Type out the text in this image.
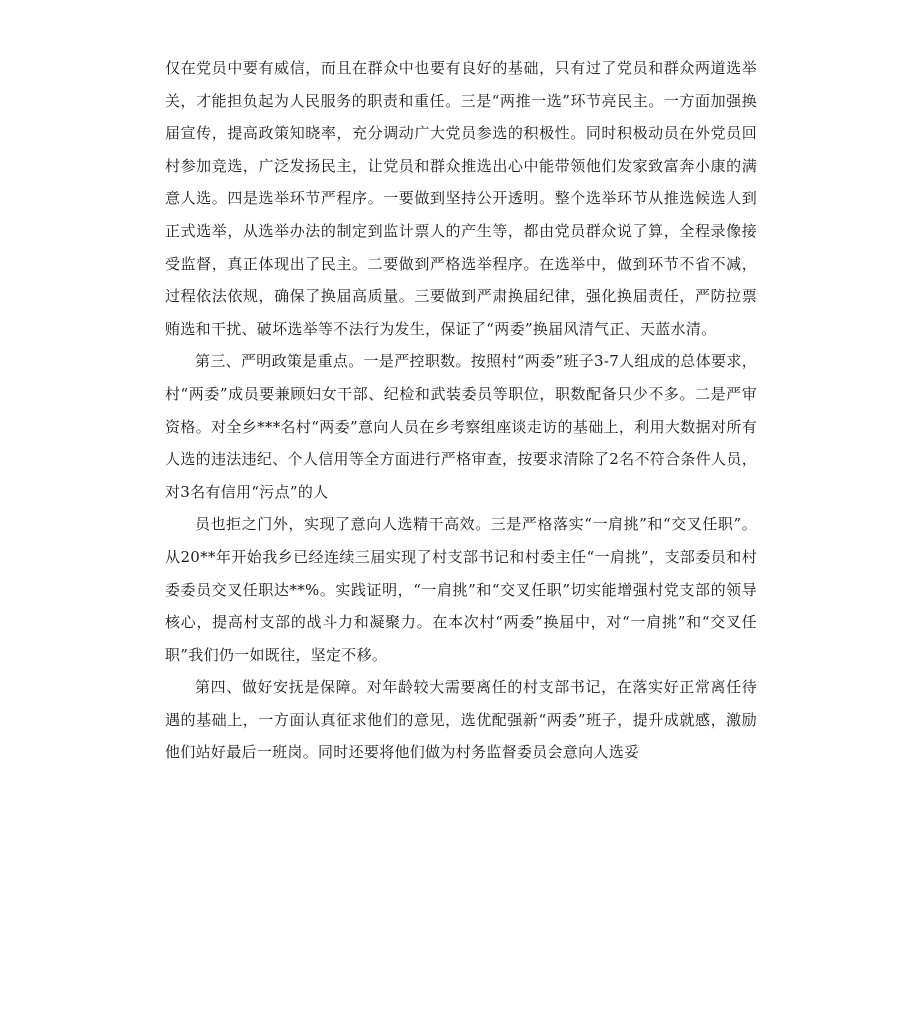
仅在党员中要有威信，而且在群众中也要有良好的基础，只有过了党员和群众两道选举关，才能担负起为人民服务的职责和重任。三是“两推一选”环节亮民主。一方面加强换届宣传，提高政策知晓率，充分调动广大党员参选的积极性。同时积极动员在外党员回村参加竞选，广泛发扬民主，让党员和群众推选出心中能带领他们发家致富奔小康的满意人选。四是选举环节严程序。一要做到坚持公开透明。整个选举环节从推选候选人到正式选举，从选举办法的制定到监计票人的产生等，都由党员群众说了算，全程录像接受监督，真正体现出了民主。二要做到严格选举程序。在选举中，做到环节不省不减，过程依法依规，确保了换届高质量。三要做到严肃换届纪律，强化换届责任，严防拉票贿选和干扰、破坏选举等不法行为发生，保证了“两委”换届风清气正、天蓝水清。

第三、严明政策是重点。一是严控职数。按照村“两委”班子3-7人组成的总体要求，村“两委”成员要兼顾妇女干部、纪检和武装委员等职位，职数配备只少不多。二是严审资格。对全乡***名村“两委”意向人员在乡考察组座谈走访的基础上，利用大数据对所有人选的违法违纪、个人信用等全方面进行严格审查，按要求清除了2名不符合条件人员，对3名有信用“污点”的人

员也拒之门外，实现了意向人选精干高效。三是严格落实“一肩挑”和“交叉任职”。从20**年开始我乡已经连续三届实现了村支部书记和村委主任“一肩挑”，支部委员和村委委员交叉任职达**%。实践证明，“一肩挑”和“交叉任职”切实能增强村党支部的领导核心，提高村支部的战斗力和凝聚力。在本次村“两委”换届中，对“一肩挑”和“交叉任职”我们仍一如既往，坚定不移。

第四、做好安抚是保障。对年龄较大需要离任的村支部书记，在落实好正常离任待遇的基础上，一方面认真征求他们的意见，选优配强新“两委”班子，提升成就感，激励他们站好最后一班岗。同时还要将他们做为村务监督委员会意向人选妥
